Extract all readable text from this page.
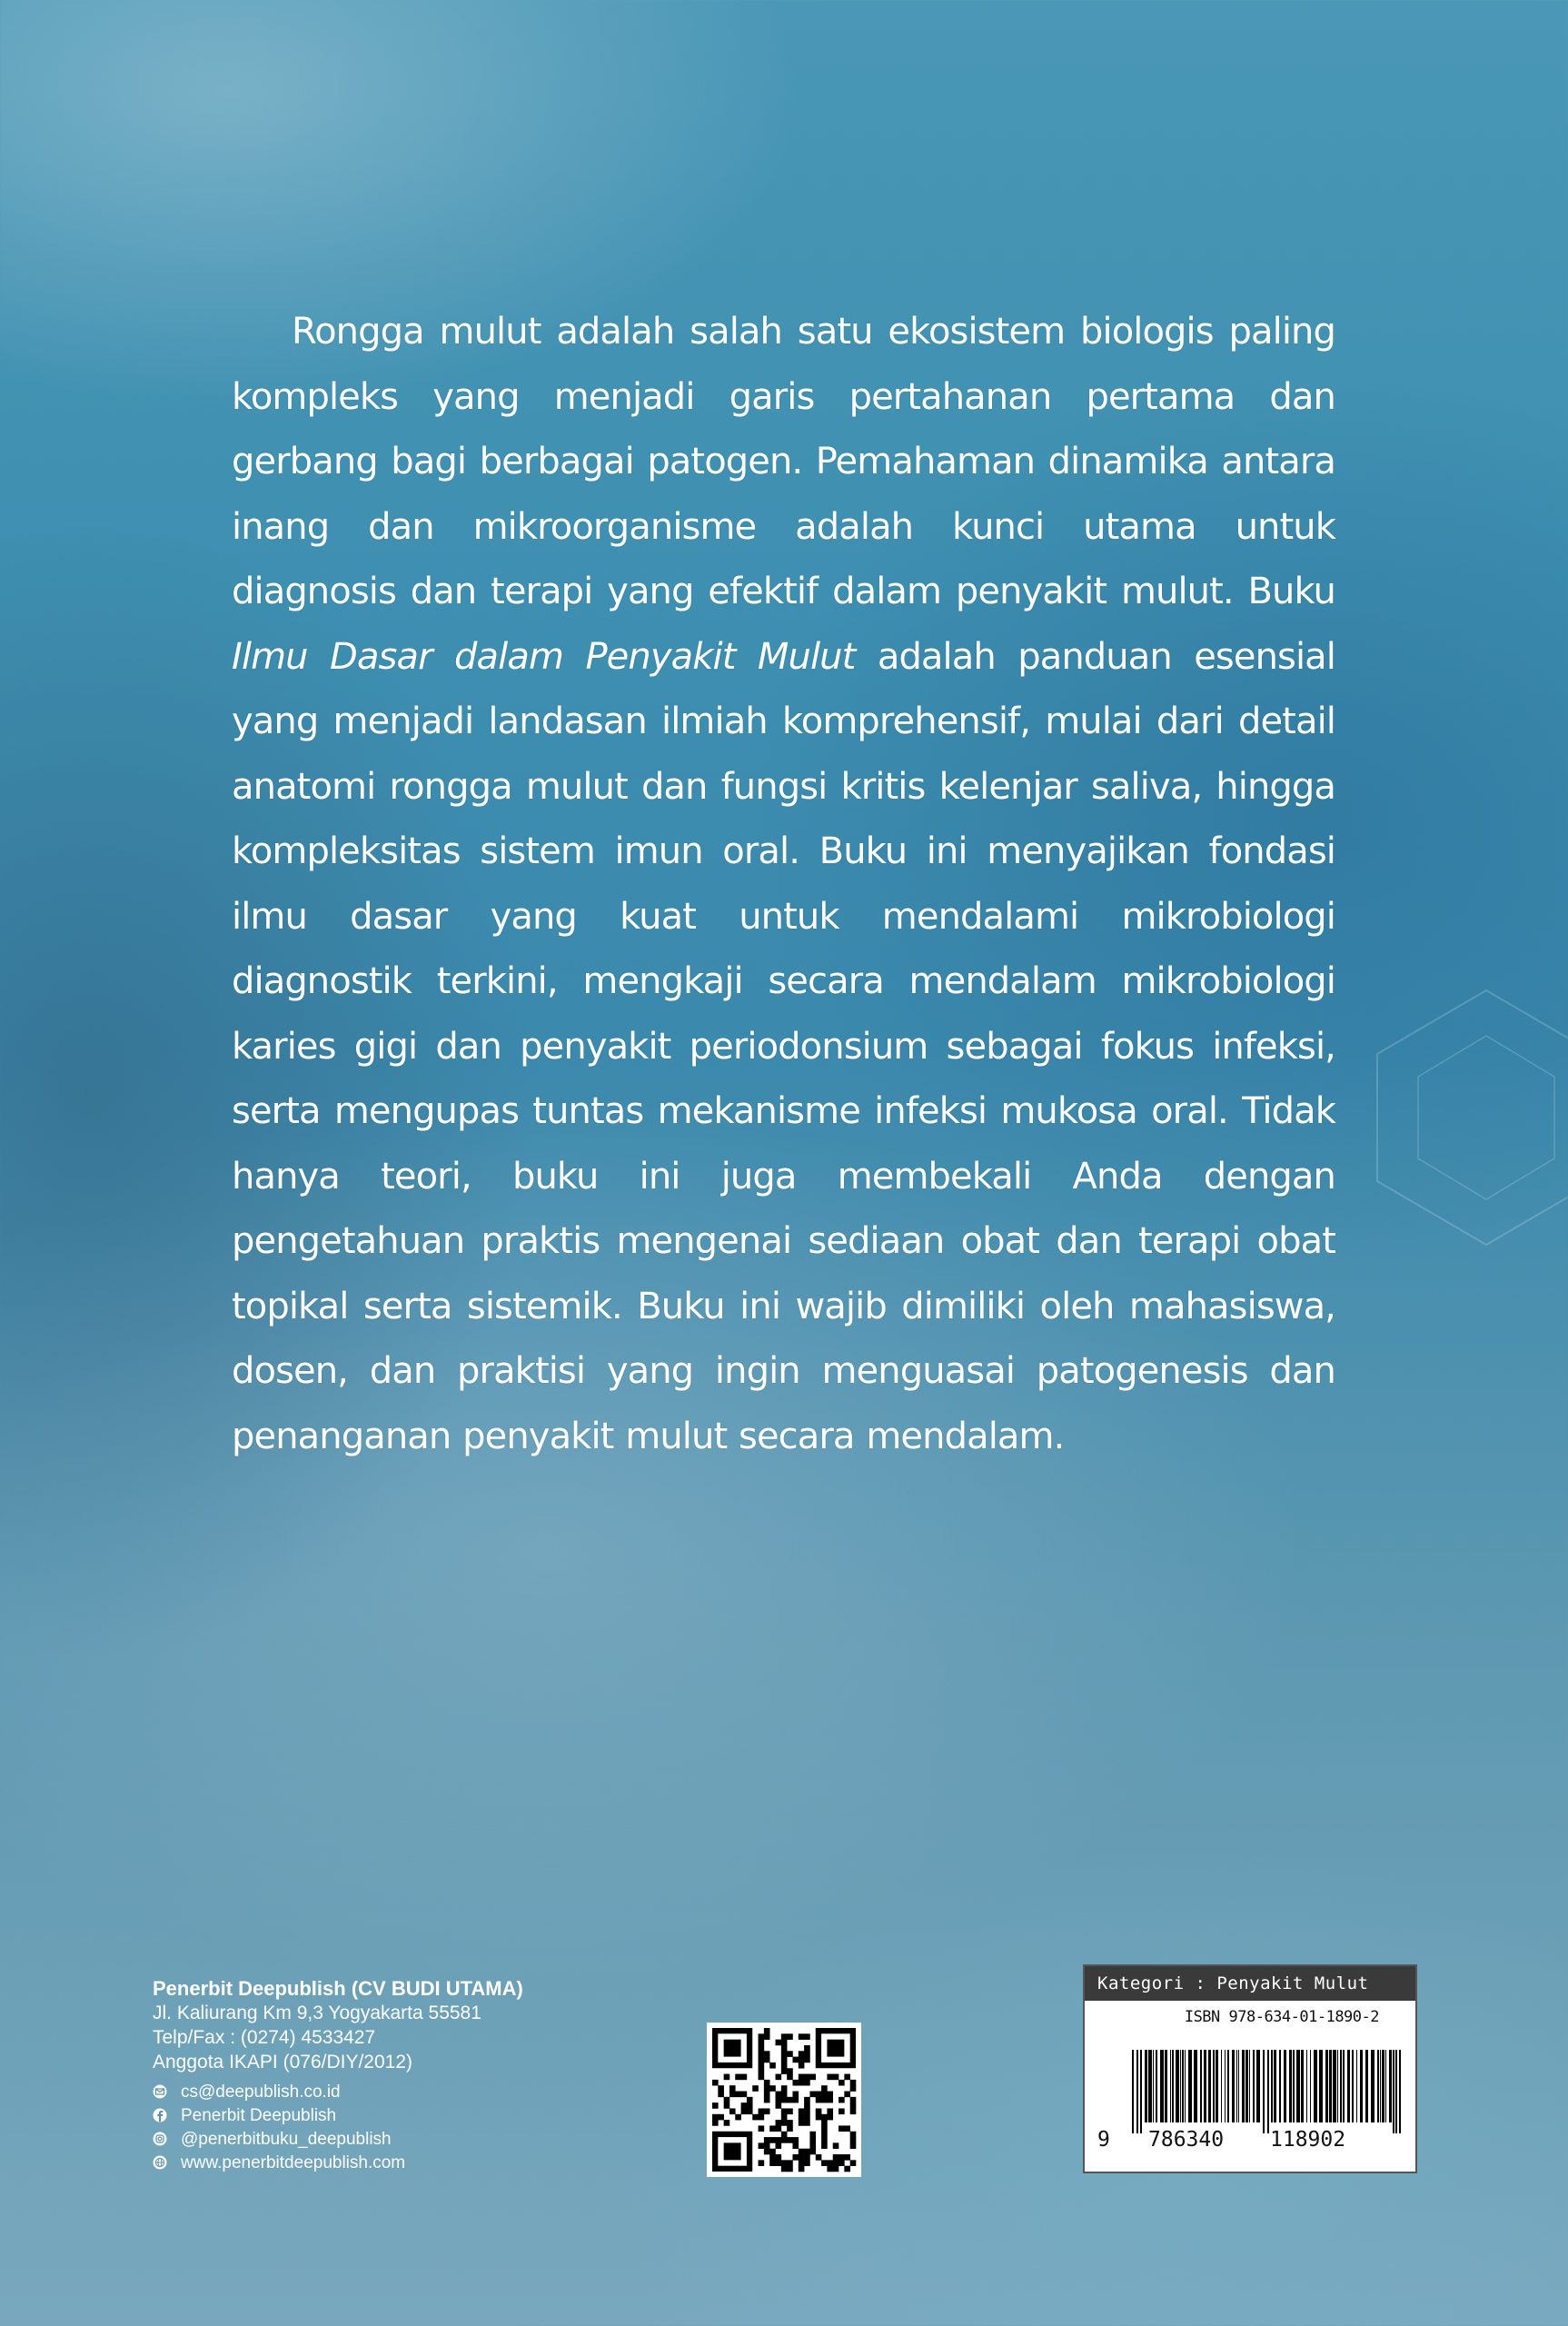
Rongga mulut adalah salah satu ekosistem biologis paling kompleks yang menjadi garis pertahanan pertama dan gerbang bagi berbagai patogen. Pemahaman dinamika antara inang dan mikroorganisme adalah kunci utama untuk diagnosis dan terapi yang efektif dalam penyakit mulut. Buku Ilmu Dasar dalam Penyakit Mulut adalah panduan esensial yang menjadi landasan ilmiah komprehensif, mulai dari detail anatomi rongga mulut dan fungsi kritis kelenjar saliva, hingga kompleksitas sistem imun oral. Buku ini menyajikan fondasi ilmu dasar yang kuat untuk mendalami mikrobiologi diagnostik terkini, mengkaji secara mendalam mikrobiologi karies gigi dan penyakit periodonsium sebagai fokus infeksi, serta mengupas tuntas mekanisme infeksi mukosa oral. Tidak hanya teori, buku ini juga membekali Anda dengan pengetahuan praktis mengenai sediaan obat dan terapi obat topikal serta sistemik. Buku ini wajib dimiliki oleh mahasiswa, dosen, dan praktisi yang ingin menguasai patogenesis dan penanganan penyakit mulut secara mendalam.
Penerbit Deepublish (CV BUDI UTAMA)
Jl. Kaliurang Km 9,3 Yogyakarta 55581
Telp/Fax : (0274) 4533427
Anggota IKAPI (076/DIY/2012)
cs@deepublish.co.id
Penerbit Deepublish
@penerbitbuku_deepublish
www.penerbitdeepublish.com
Kategori : Penyakit Mulut
ISBN 978-634-01-1890-2
9 786340 118902
